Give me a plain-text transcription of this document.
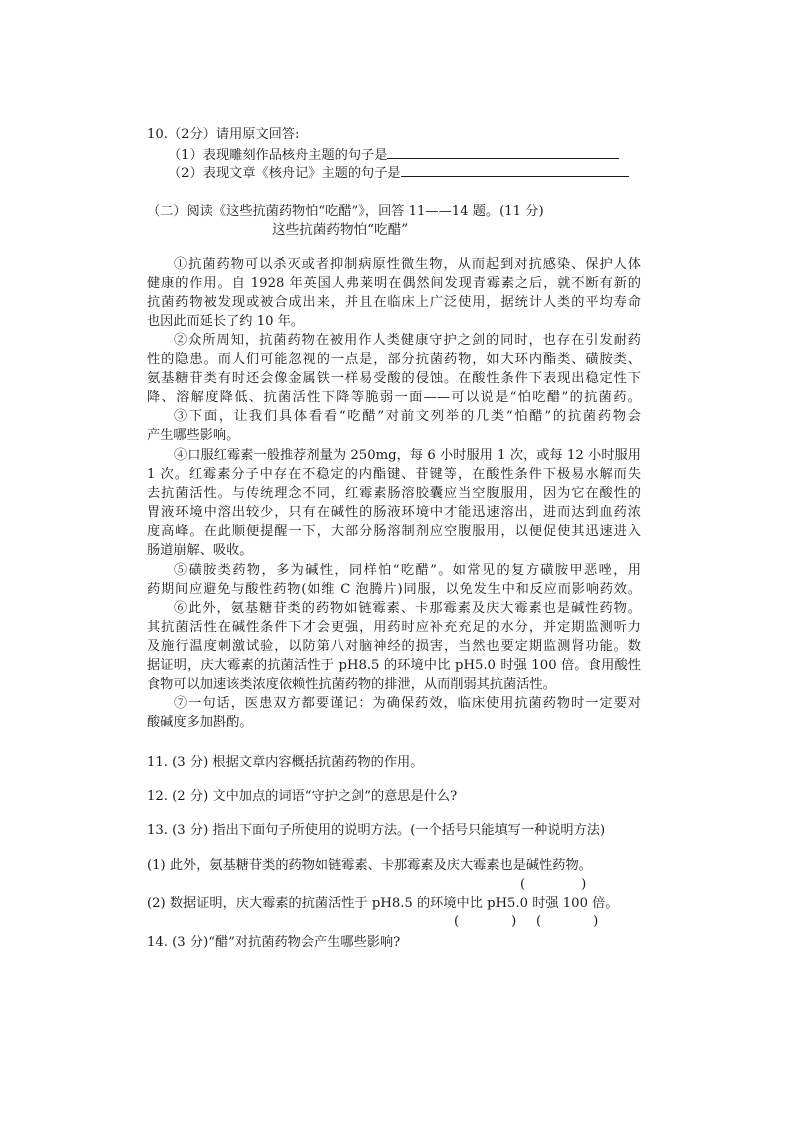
10.（2分）请用原文回答:
（1）表现雕刻作品核舟主题的句子是
（2）表现文章《核舟记》主题的句子是
（二）阅读《这些抗菌药物怕“吃醋”》，回答 11——14 题。(11 分)
这些抗菌药物怕“吃醋”
①抗菌药物可以杀灭或者抑制病原性微生物，从而起到对抗感染、保护人体
健康的作用。自 1928 年英国人弗莱明在偶然间发现青霉素之后，就不断有新的
抗菌药物被发现或被合成出来，并且在临床上广泛使用，据统计人类的平均寿命
也因此而延长了约 10 年。
②众所周知，抗菌药物在被用作人类健康守护之剑的同时，也存在引发耐药
性的隐患。而人们可能忽视的一点是，部分抗菌药物，如大环内酯类、磺胺类、
氨基糖苷类有时还会像金属铁一样易受酸的侵蚀。在酸性条件下表现出稳定性下
降、溶解度降低、抗菌活性下降等脆弱一面——可以说是“怕吃醋”的抗菌药。
③下面，让我们具体看看“吃醋”对前文列举的几类“怕醋”的抗菌药物会
产生哪些影响。
④口服红霉素一般推荐剂量为 250mg，每 6 小时服用 1 次，或每 12 小时服用
1 次。红霉素分子中存在不稳定的内酯键、苷键等，在酸性条件下极易水解而失
去抗菌活性。与传统理念不同，红霉素肠溶胶囊应当空腹服用，因为它在酸性的
胃液环境中溶出较少，只有在碱性的肠液环境中才能迅速溶出，进而达到血药浓
度高峰。在此顺便提醒一下，大部分肠溶制剂应空腹服用，以便促使其迅速进入
肠道崩解、吸收。
⑤磺胺类药物，多为碱性，同样怕“吃醋”。如常见的复方磺胺甲恶唑，用
药期间应避免与酸性药物(如维 C 泡腾片)同服，以免发生中和反应而影响药效。
⑥此外，氨基糖苷类的药物如链霉素、卡那霉素及庆大霉素也是碱性药物。
其抗菌活性在碱性条件下才会更强，用药时应补充充足的水分，并定期监测听力
及施行温度刺激试验，以防第八对脑神经的损害，当然也要定期监测肾功能。数
据证明，庆大霉素的抗菌活性于 pH8.5 的环境中比 pH5.0 时强 100 倍。食用酸性
食物可以加速该类浓度依赖性抗菌药物的排泄，从而削弱其抗菌活性。
⑦一句话，医患双方都要谨记：为确保药效，临床使用抗菌药物时一定要对
酸碱度多加斟酌。
11. (3 分) 根据文章内容概括抗菌药物的作用。
12. (2 分) 文中加点的词语“守护之剑”的意思是什么?
13. (3 分) 指出下面句子所使用的说明方法。(一个括号只能填写一种说明方法)
(1) 此外，氨基糖苷类的药物如链霉素、卡那霉素及庆大霉素也是碱性药物。
(	)
(2) 数据证明，庆大霉素的抗菌活性于 pH8.5 的环境中比 pH5.0 时强 100 倍。
(	) (	)
14. (3 分)“醋”对抗菌药物会产生哪些影响?
